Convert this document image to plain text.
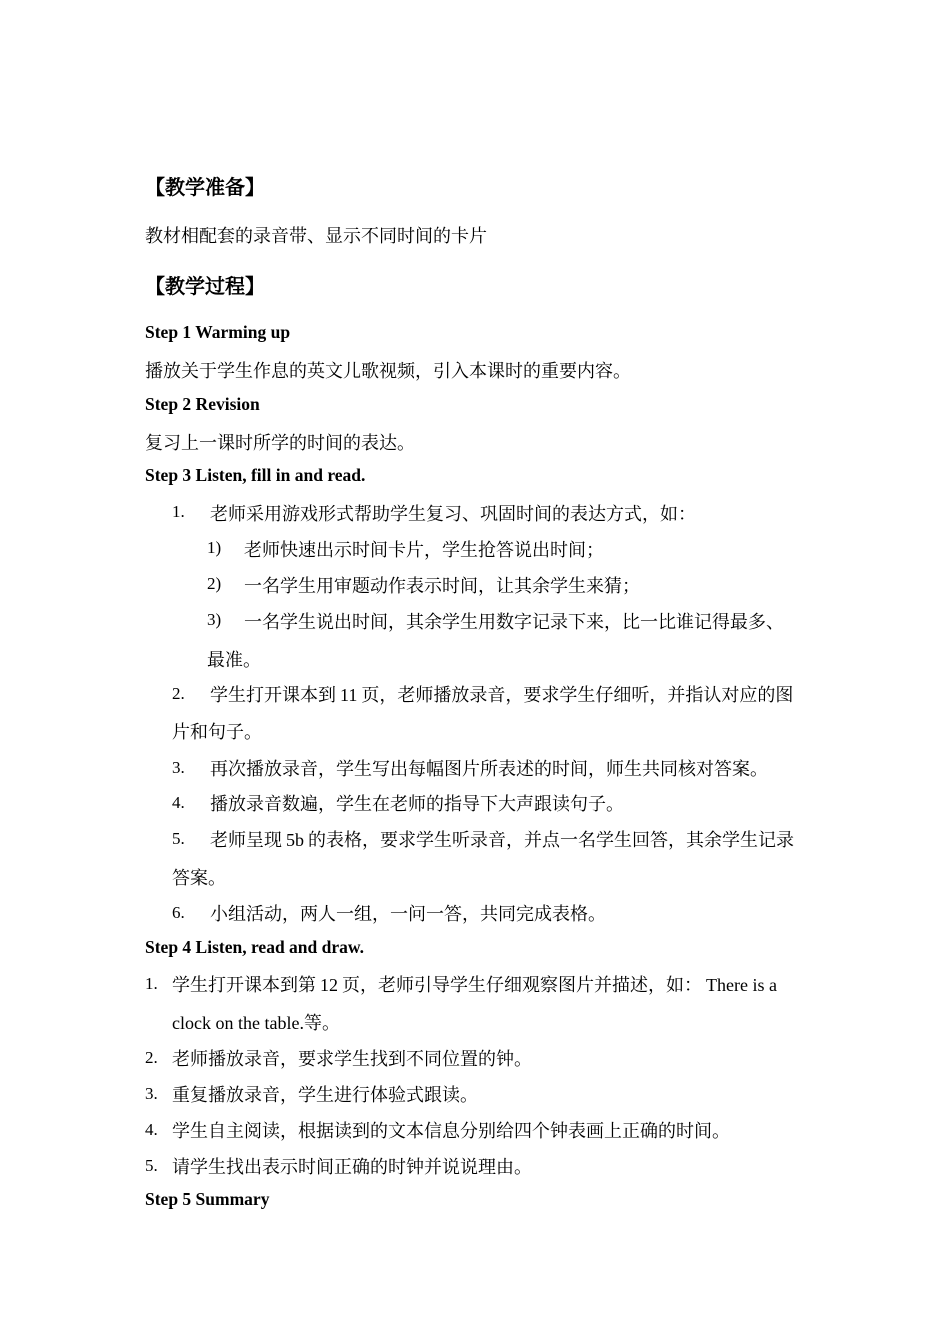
【教学准备】
教材相配套的录音带、显示不同时间的卡片
【教学过程】
Step 1 Warming up
播放关于学生作息的英文儿歌视频，引入本课时的重要内容。
Step 2 Revision
复习上一课时所学的时间的表达。
Step 3 Listen, fill in and read.
1. 老师采用游戏形式帮助学生复习、巩固时间的表达方式，如：
1) 老师快速出示时间卡片，学生抢答说出时间；
2) 一名学生用审题动作表示时间，让其余学生来猜；
3) 一名学生说出时间，其余学生用数字记录下来，比一比谁记得最多、
最准。
2. 学生打开课本到 11 页，老师播放录音，要求学生仔细听，并指认对应的图
片和句子。
3. 再次播放录音，学生写出每幅图片所表述的时间，师生共同核对答案。
4. 播放录音数遍，学生在老师的指导下大声跟读句子。
5. 老师呈现 5b 的表格，要求学生听录音，并点一名学生回答，其余学生记录
答案。
6. 小组活动，两人一组，一问一答，共同完成表格。
Step 4 Listen, read and draw.
1. 学生打开课本到第 12 页，老师引导学生仔细观察图片并描述，如： There is a
clock on the table.等。
2. 老师播放录音，要求学生找到不同位置的钟。
3. 重复播放录音，学生进行体验式跟读。
4. 学生自主阅读，根据读到的文本信息分别给四个钟表画上正确的时间。
5. 请学生找出表示时间正确的时钟并说说理由。
Step 5 Summary
